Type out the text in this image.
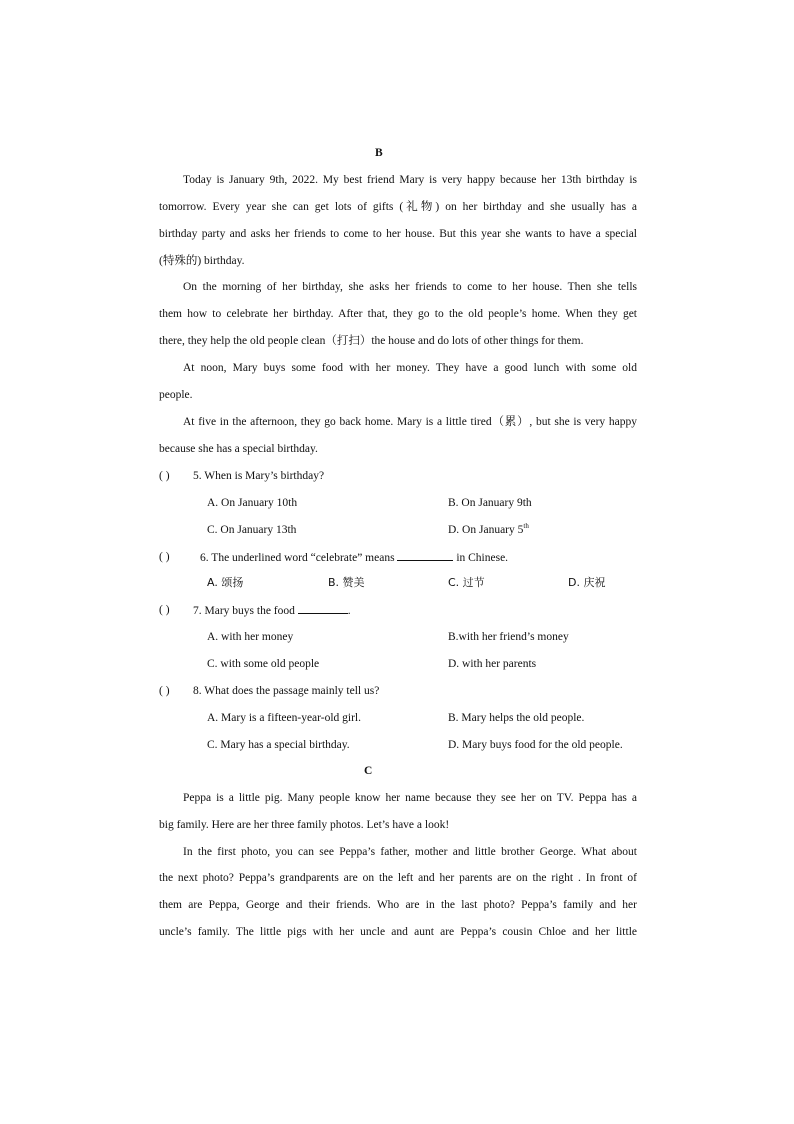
B
Today is January 9th, 2022. My best friend Mary is very happy because her 13th birthday is
tomorrow. Every year she can get lots of gifts (礼物) on her birthday and she usually has a
birthday party and asks her friends to come to her house. But this year she wants to have a special
(特殊的) birthday.
On the morning of her birthday, she asks her friends to come to her house. Then she tells
them how to celebrate her birthday. After that, they go to the old people’s home. When they get
there, they help the old people clean（打扫）the house and do lots of other things for them.
At noon, Mary buys some food with her money. They have a good lunch with some old
people.
At five in the afternoon, they go back home. Mary is a little tired（累）, but she is very happy
because she has a special birthday.
( ) 5. When is Mary’s birthday?
A. On January 10th	B. On January 9th
C. On January 13th	D. On January 5th
( )	6. The underlined word “celebrate” means	in Chinese.
A. 颂扬	B. 赞美	C. 过节	D. 庆祝
( ) 7. Mary buys the food	.
A. with her money	B.with her friend’s money
C. with some old people	D. with her parents
( ) 8. What does the passage mainly tell us?
A. Mary is a fifteen-year-old girl.	B. Mary helps the old people.
C. Mary has a special birthday.	D. Mary buys food for the old people.
C
Peppa is a little pig. Many people know her name because they see her on TV. Peppa has a
big family. Here are her three family photos. Let’s have a look!
In the first photo, you can see Peppa’s father, mother and little brother George. What about
the next photo? Peppa’s grandparents are on the left and her parents are on the right . In front of
them are Peppa, George and their friends. Who are in the last photo? Peppa’s family and her
uncle’s family. The little pigs with her uncle and aunt are Peppa’s cousin Chloe and her little
